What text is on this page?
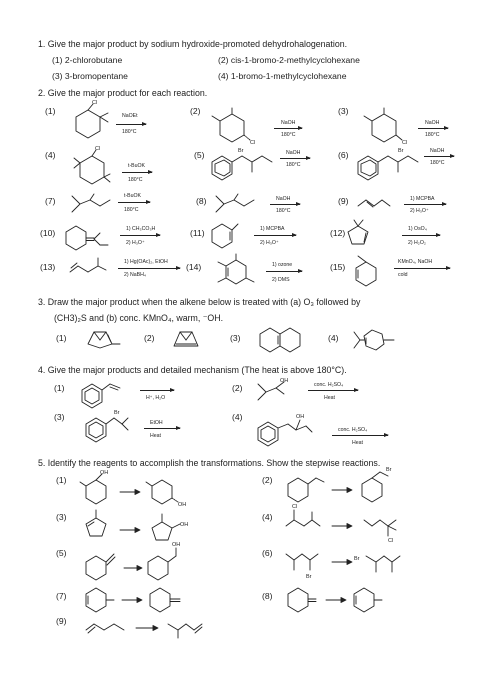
1. Give the major product by sodium hydroxide-promoted dehydrohalogenation.
(1) 2-chlorobutane	(2) cis-1-bromo-2-methylcyclohexane
(3) 3-bromopentane	(4) 1-bromo-1-methylcyclohexane
2. Give the major product for each reaction.
(1)
Cl
NaOEt
180°C
(2)
Cl
NaOH
180°C
(3)
Cl
NaOH
180°C
(4)
Cl
t-BuOK
180°C
(5)	Br	NaOH
180°C
(6)	Br	NaOH
180°C
(7)	t-BuOK
180°C
(8)	NaOH
180°C
(9)	1) MCPBA
2) H₃O⁺
(10)	1) CH₃CO₃H
2) H₃O⁺
(11)	1) MCPBA
2) H₃O⁺
(12)	1) OsO₄
2) H₂O₂
(13)	1) Hg(OAc)₂, EtOH
2) NaBH₄
(14)	1) ozone
2) DMS
(15)	KMnO₄, NaOH
cold
3. Draw the major product when the alkene below is treated with (a) O₃ followed by
(CH3)₂S and (b) conc. KMnO₄, warm, ⁻OH.
(1)	(2)	(3)	(4)
4. Give the major products and detailed mechanism (The heat is above 180°C).
(1)
H⁺, H₂O
(2)
OH
conc. H₂SO₄
Heat
(3)	Br
EtOH
Heat
(4)	OH
conc. H₂SO₄
Heat
5. Identify the reagents to accomplish the transformations. Show the stepwise reactions.
(1)
OH
OH
(2)
Br
(3)
OH
(4)
Cl
Cl
(5)
OH
(6)
Br
Br
(7)	(8)
(9)
